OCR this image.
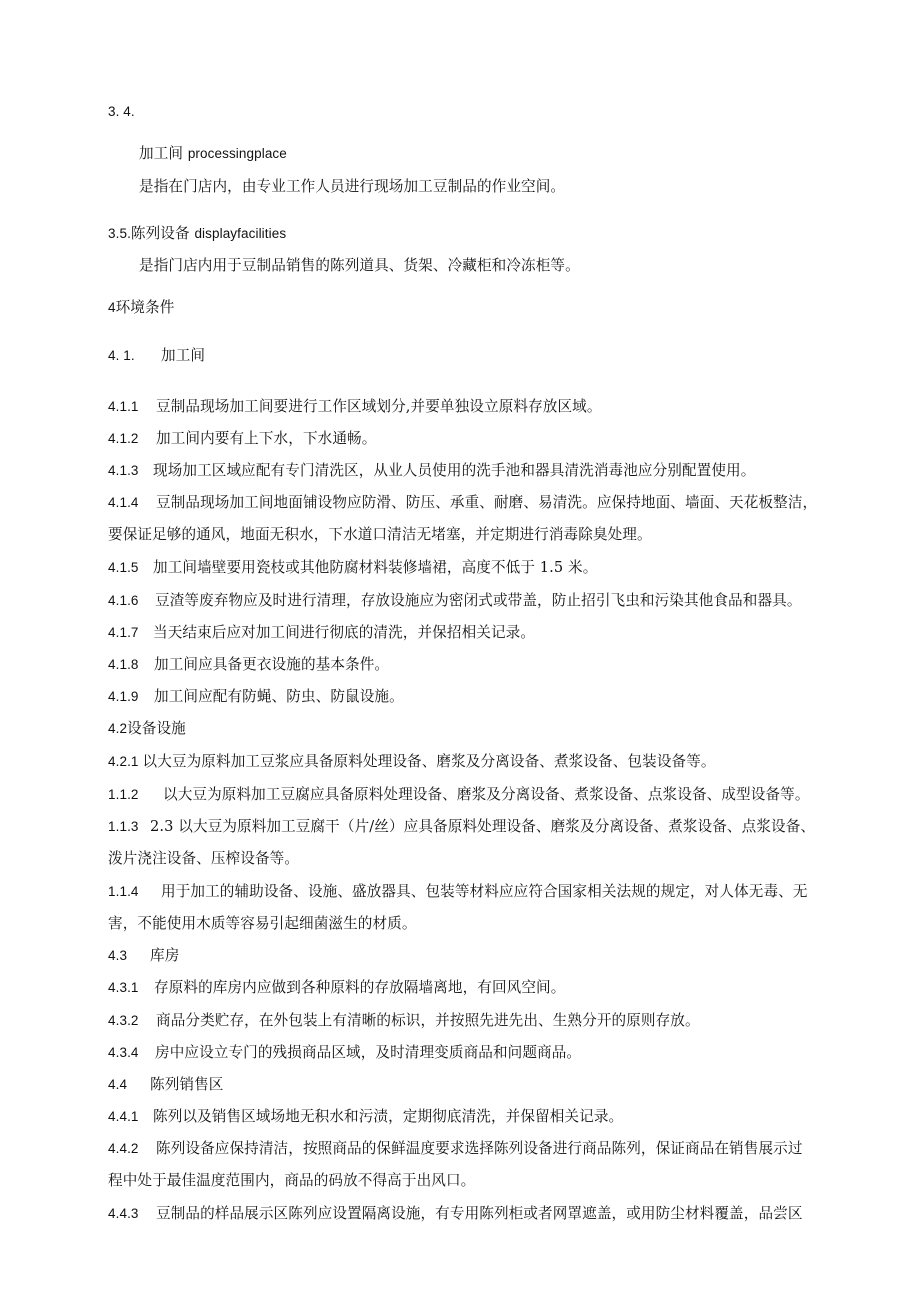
3. 4.
加工间 processingplace
是指在门店内，由专业工作人员进行现场加工豆制品的作业空间。
3.5.陈列设备 displayfacilities
是指门店内用于豆制品销售的陈列道具、货架、冷藏柜和冷冻柜等。
4环境条件
4. 1. 加工间
4.1.1 豆制品现场加工间要进行工作区域划分,并要单独设立原料存放区域。
4.1.2 加工间内要有上下水，下水通畅。
4.1.3 现场加工区域应配有专门清洗区，从业人员使用的洗手池和器具清洗消毒池应分别配置使用。
4.1.4 豆制品现场加工间地面铺设物应防滑、防压、承重、耐磨、易清洗。应保持地面、墙面、天花板整洁，
要保证足够的通风，地面无积水，下水道口清洁无堵塞，并定期进行消毒除臭处理。
4.1.5 加工间墙壁要用瓷枝或其他防腐材料装修墙裙，高度不低于 1.5 米。
4.1.6 豆渣等废弃物应及时进行清理，存放设施应为密闭式或带盖，防止招引飞虫和污染其他食品和器具。
4.1.7 当天结束后应对加工间进行彻底的清洗，并保招相关记录。
4.1.8 加工间应具备更衣设施的基本条件。
4.1.9 加工间应配有防蝇、防虫、防鼠设施。
4.2设备设施
4.2.1 以大豆为原料加工豆浆应具备原料处理设备、磨浆及分离设备、煮浆设备、包装设备等。
1.1.2 以大豆为原料加工豆腐应具备原料处理设备、磨浆及分离设备、煮浆设备、点浆设备、成型设备等。
1.1.3 2.3 以大豆为原料加工豆腐干（片/丝）应具备原料处理设备、磨浆及分离设备、煮浆设备、点浆设备、
泼片浇注设备、压榨设备等。
1.1.4 用于加工的辅助设备、设施、盛放器具、包装等材料应应符合国家相关法规的规定，对人体无毒、无
害，不能使用木质等容易引起细菌滋生的材质。
4.3 库房
4.3.1 存原料的库房内应做到各种原料的存放隔墙离地，有回风空间。
4.3.2 商品分类贮存，在外包装上有清晰的标识，并按照先进先出、生熟分开的原则存放。
4.3.4 房中应设立专门的残损商品区域，及时清理变质商品和问题商品。
4.4 陈列销售区
4.4.1 陈列以及销售区域场地无积水和污渍，定期彻底清洗，并保留相关记录。
4.4.2 陈列设备应保持清洁，按照商品的保鲜温度要求选择陈列设备进行商品陈列，保证商品在销售展示过
程中处于最佳温度范围内，商品的码放不得高于出风口。
4.4.3 豆制品的样品展示区陈列应设置隔离设施，有专用陈列柜或者网罩遮盖，或用防尘材料覆盖，品尝区
